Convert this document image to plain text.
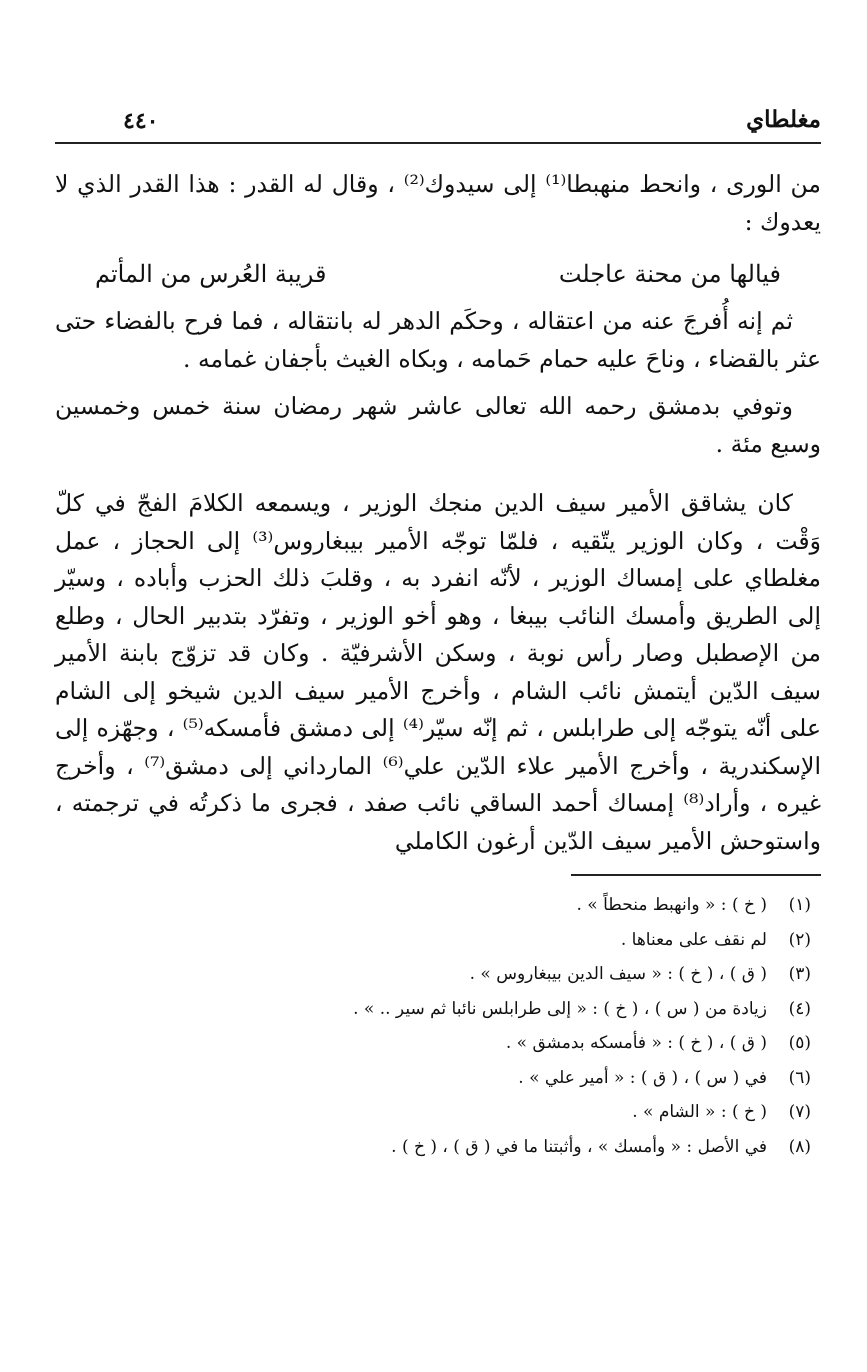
مغلطاي
٤٤٠

من الورى ، وانحط منهبطا⁽¹⁾ إلى سيدوك⁽²⁾ ، وقال له القدر : هذا القدر الذي لا يعدوك :

فيالها من محنة عاجلت
قريبة العُرس من المأتم

ثم إنه أُفرجَ عنه من اعتقاله ، وحكَم الدهر له بانتقاله ، فما فرح بالفضاء حتى عثر بالقضاء ، وناحَ عليه حمام حَمامه ، وبكاه الغيث بأجفان غمامه .

وتوفي بدمشق رحمه الله تعالى عاشر شهر رمضان سنة خمس وخمسين وسبع مئة .

كان يشاقق الأمير سيف الدين منجك الوزير ، ويسمعه الكلامَ الفجّ في كلّ وَقْت ، وكان الوزير يتّقيه ، فلمّا توجّه الأمير بيبغاروس⁽³⁾ إلى الحجاز ، عمل مغلطاي على إمساك الوزير ، لأنّه انفرد به ، وقلبَ ذلك الحزب وأباده ، وسيّر إلى الطريق وأمسك النائب بيبغا ، وهو أخو الوزير ، وتفرّد بتدبير الحال ، وطلع من الإصطبل وصار رأس نوبة ، وسكن الأشرفيّة . وكان قد تزوّج بابنة الأمير سيف الدّين أيتمش نائب الشام ، وأخرج الأمير سيف الدين شيخو إلى الشام على أنّه يتوجّه إلى طرابلس ، ثم إنّه سيّر⁽⁴⁾ إلى دمشق فأمسكه⁽⁵⁾ ، وجهّزه إلى الإسكندرية ، وأخرج الأمير علاء الدّين علي⁽⁶⁾ المارداني إلى دمشق⁽⁷⁾ ، وأخرج غيره ، وأراد⁽⁸⁾ إمساك أحمد الساقي نائب صفد ، فجرى ما ذكرتُه في ترجمته ، واستوحش الأمير سيف الدّين أرغون الكاملي

(١)
( خ ) : « وانهبط منحطاً » .
(٢)
لم نقف على معناها .
(٣)
( ق ) ، ( خ ) : « سيف الدين بيبغاروس » .
(٤)
زيادة من ( س ) ، ( خ ) : « إلى طرابلس نائبا ثم سير .. » .
(٥)
( ق ) ، ( خ ) : « فأمسكه بدمشق » .
(٦)
في ( س ) ، ( ق ) : « أمير علي » .
(٧)
( خ ) : « الشام » .
(٨)
في الأصل : « وأمسك » ، وأثبتنا ما في ( ق ) ، ( خ ) .
